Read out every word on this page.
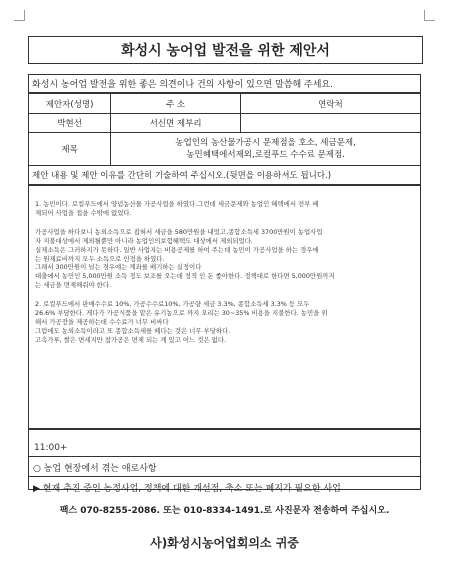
화성시 농어업 발전을 위한 제안서
화성시 농어업 발전을 위한 좋은 의견이나 건의 사항이 있으면 말씀해 주세요.
제안자(성명)	주 소	연락처
박현선	서신면 제부리	
제목	농업인의 농산물가공시 문제점을 호소, 세금문제,
농민혜택에서제외,로컬푸드 수수료 문제점.	
제안 내용 및 제안 이유를 간단히 기술하여 주십시오.(뒷면을 이용하셔도 됩니다.)
1. 농민이다. 로컬푸드에서 양념농산물 가공사업을 하였다.그런데 세금문제와 농업인 혜택에서 전부 배
제되어 사업을 접을 수밖에 없었다.
가공사업을 하다보니 농외소득으로 잡혀서 세금을 580만원을 내었고,종합소득세 3700만원이 농업사업
자 지불대상에서 제외될뿐만 아니라 농업인의보험혜택도 대상에서 제외되었다.
실제소득은 그러하지가 못하다. 일반 사업자는 비용공제를 하여 주는데 농민이 가공사업을 하는 경우에
는 원재료비까지 모두 소득으로 인정을 하였다.
그래서 300만원이 넘는 경우에는 계좌를 배기하는 실정이다
대출에서 농민인 5,000만원 소득 정도 보조를 오는데 정적 인 돈 좋아한다. 정책대로 한다면 5,000만원까지
는 세금을 면제해줘야 한다.
2. 로컬푸드에서 판매수수료 10%, 가공수수료10%, 가공량 세금 3.3%, 종합소득세 3.3% 등 모두
26.6% 부담한다. 게다가 가공식품을 맡은 유기농으로 까지 오리는 30~35% 비용을 지불한다. 농민을 위
해서 가공장을 제공하는데 수수료가 너무 비싸다
그럼에도 농외소득이라고 또 종합소득세를 떼다는 것은 너무 부당하다.
고속가루, 쌀은 면세지만 참가공은 면제 되는 게 있고 어느 것은 없다.
11:00+
○ 농업 현장에서 겪는 애로사항
▶ 현재 추진 중인 농정사업, 정책에 대한 개선점, 축소 또는 폐지가 필요한 사업
팩스 070-8255-2086. 또는 010-8334-1491.로 사진문자 전송하여 주십시오.
사)화성시농어업회의소 귀중
